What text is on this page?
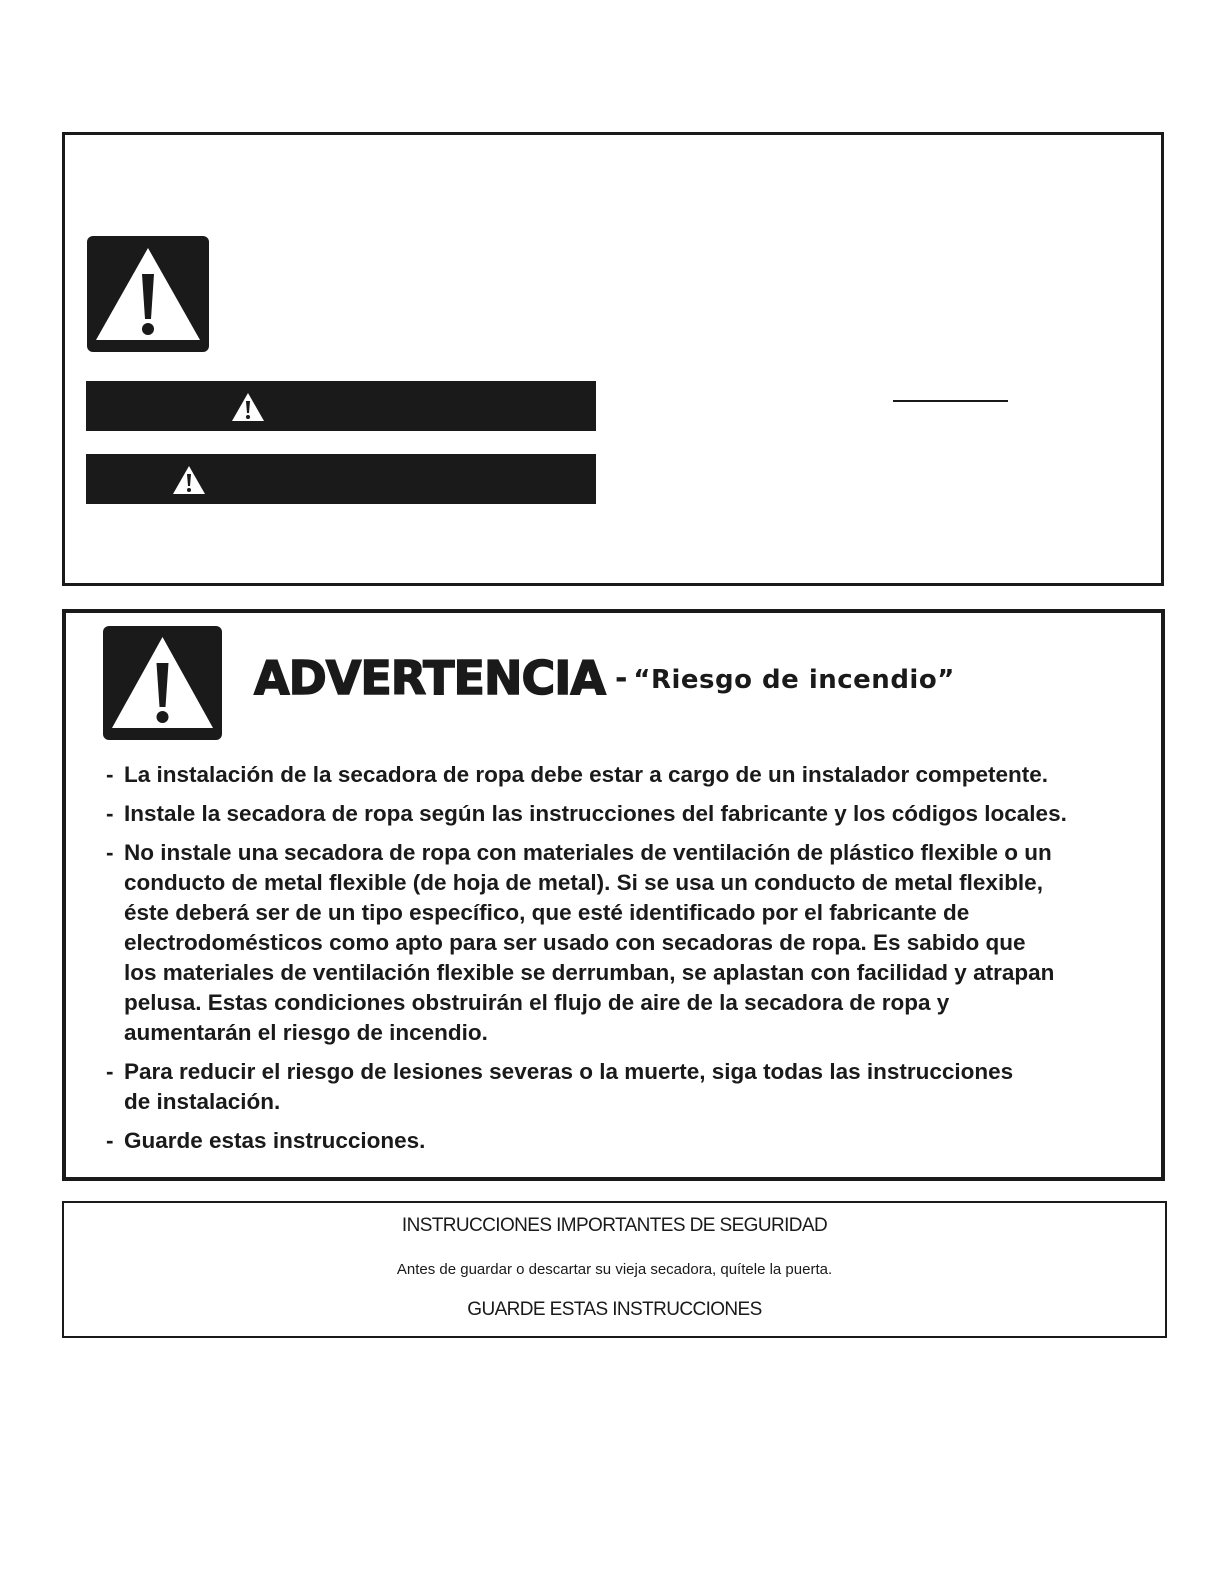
ADVERTENCIA - “Riesgo de incendio”
- La instalación de la secadora de ropa debe estar a cargo de un instalador competente.
- Instale la secadora de ropa según las instrucciones del fabricante y los códigos locales.
- No instale una secadora de ropa con materiales de ventilación de plástico flexible o un
conducto de metal flexible (de hoja de metal). Si se usa un conducto de metal flexible,
éste deberá ser de un tipo específico, que esté identificado por el fabricante de
electrodomésticos como apto para ser usado con secadoras de ropa. Es sabido que
los materiales de ventilación flexible se derrumban, se aplastan con facilidad y atrapan
pelusa. Estas condiciones obstruirán el flujo de aire de la secadora de ropa y
aumentarán el riesgo de incendio.
- Para reducir el riesgo de lesiones severas o la muerte, siga todas las instrucciones
de instalación.
- Guarde estas instrucciones.
INSTRUCCIONES IMPORTANTES DE SEGURIDAD
Antes de guardar o descartar su vieja secadora, quítele la puerta.
GUARDE ESTAS INSTRUCCIONES
